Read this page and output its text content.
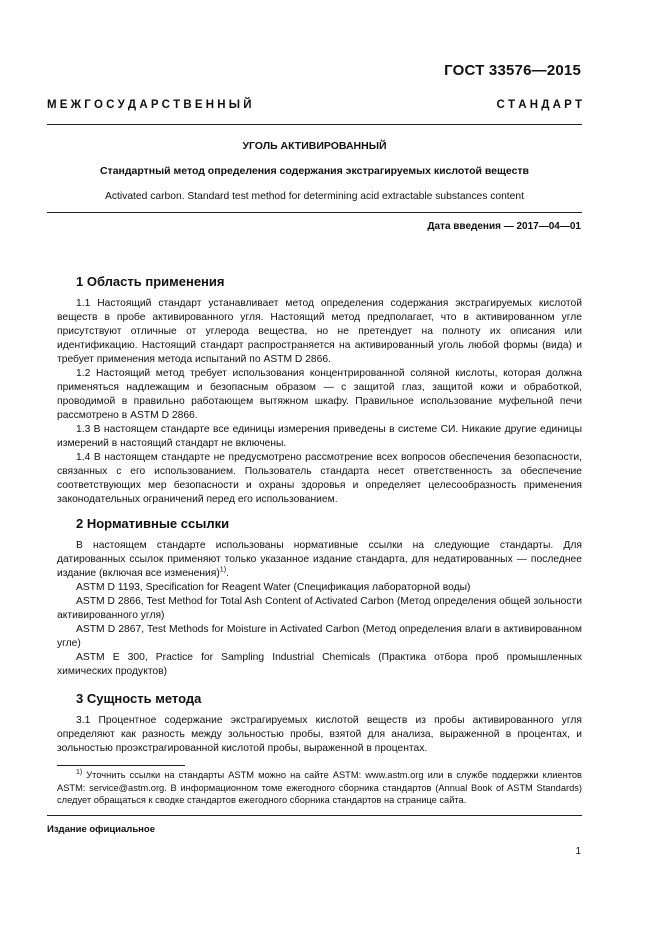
ГОСТ 33576—2015
М Е Ж Г О С У Д А Р С Т В Е Н Н Ы Й	С Т А Н Д А Р Т
УГОЛЬ АКТИВИРОВАННЫЙ
Стандартный метод определения содержания экстрагируемых кислотой веществ
Activated carbon. Standard test method for determining acid extractable substances content
Дата введения — 2017—04—01
1 Область применения

1.1 Настоящий стандарт устанавливает метод определения содержания экстрагируемых кислотой веществ в пробе активированного угля. Настоящий метод предполагает, что в активированном угле присутствуют отличные от углерода вещества, но не претендует на полноту их описания или идентификацию. Настоящий стандарт распространяется на активированный уголь любой формы (вида) и требует применения метода испытаний по ASTM D 2866.

1.2 Настоящий метод требует использования концентрированной соляной кислоты, которая должна применяться надлежащим и безопасным образом — с защитой глаз, защитой кожи и обработкой, проводимой в правильно работающем вытяжном шкафу. Правильное использование муфельной печи рассмотрено в ASTM D 2866.

1.3 В настоящем стандарте все единицы измерения приведены в системе СИ. Никакие другие единицы измерений в настоящий стандарт не включены.

1.4 В настоящем стандарте не предусмотрено рассмотрение всех вопросов обеспечения безопасности, связанных с его использованием. Пользователь стандарта несет ответственность за обеспечение соответствующих мер безопасности и охраны здоровья и определяет целесообразность применения законодательных ограничений перед его использованием.

2 Нормативные ссылки

В настоящем стандарте использованы нормативные ссылки на следующие стандарты. Для датированных ссылок применяют только указанное издание стандарта, для недатированных — последнее издание (включая все изменения)$^{1)}$.

ASTM D 1193, Specification for Reagent Water (Спецификация лабораторной воды)

ASTM D 2866, Test Method for Total Ash Content of Activated Carbon (Метод определения общей зольности активированного угля)

ASTM D 2867, Test Methods for Moisture in Activated Carbon (Метод определения влаги в активированном угле)

ASTM E 300, Practice for Sampling Industrial Chemicals (Практика отбора проб промышленных химических продуктов)

3 Сущность метода

3.1 Процентное содержание экстрагируемых кислотой веществ из пробы активированного угля определяют как разность между зольностью пробы, взятой для анализа, выраженной в процентах, и зольностью проэкстрагированной кислотой пробы, выраженной в процентах.

$^{1)}$ Уточнить ссылки на стандарты ASTM можно на сайте ASTM: www.astm.org или в службе поддержки клиентов ASTM: service@astm.org. В информационном томе ежегодного сборника стандартов (Annual Book of ASTM Standards) следует обращаться к сводке стандартов ежегодного сборника стандартов на странице сайта.

Издание официальное
1
